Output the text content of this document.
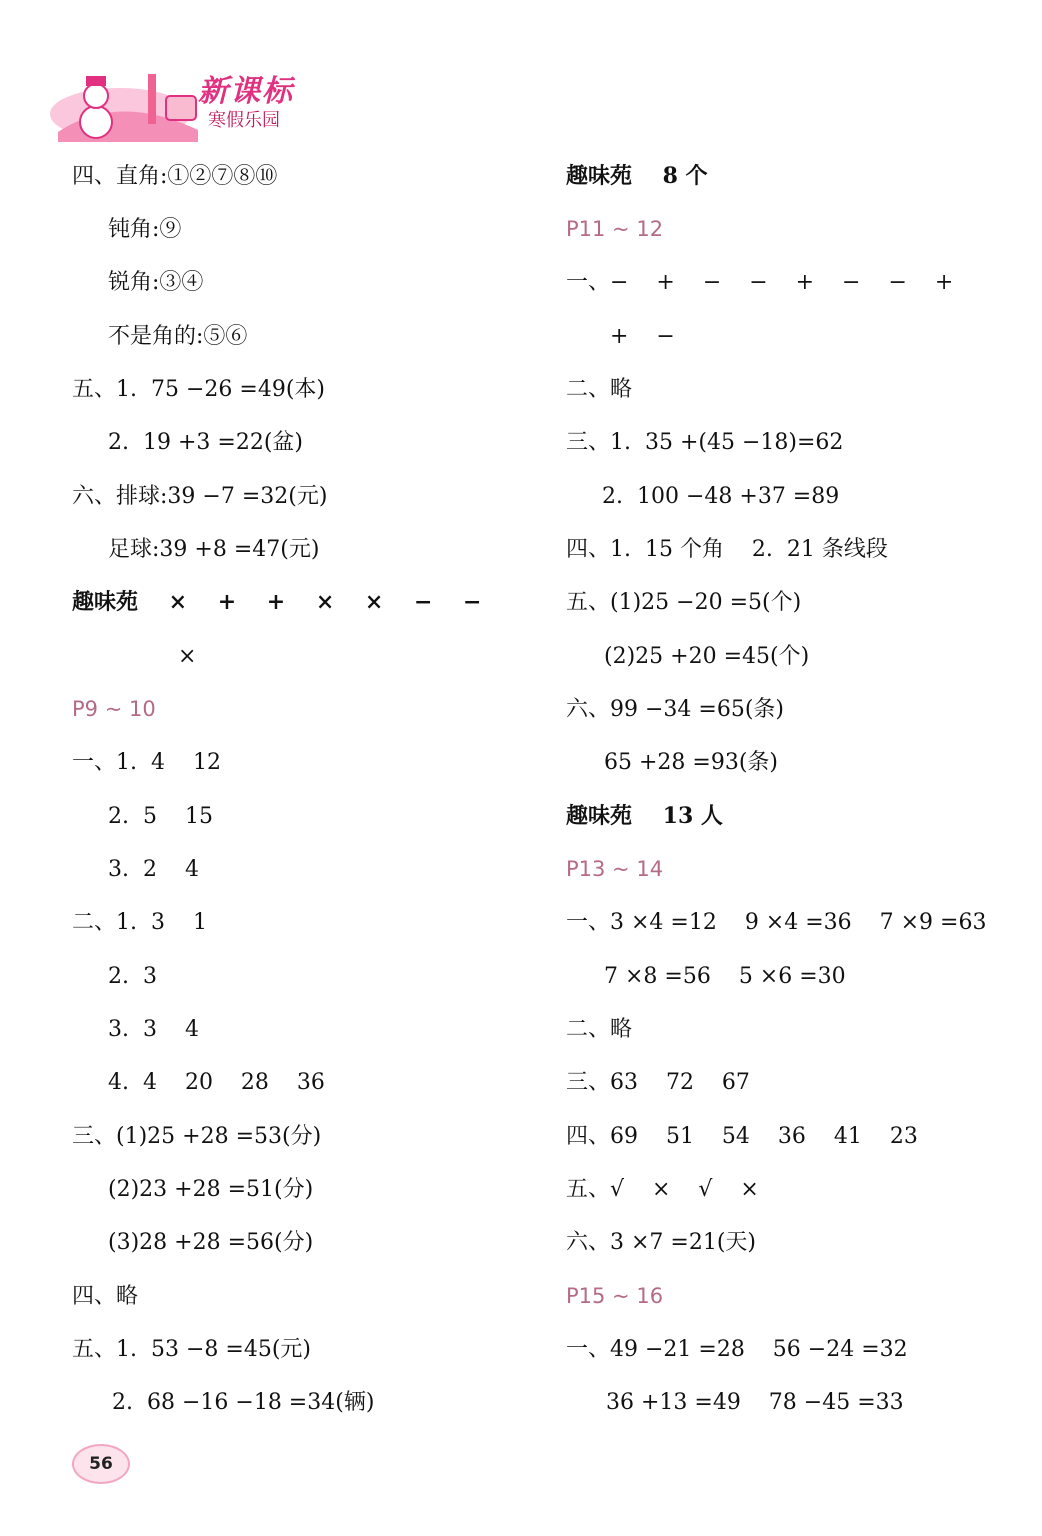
新课标
寒假乐园
四、直角:①②⑦⑧⑩
钝角:⑨
锐角:③④
不是角的:⑤⑥
五、1.  75 −26 =49(本)
2.  19 +3 =22(盆)
六、排球:39 −7 =32(元)
足球:39 +8 =47(元)
趣味苑    ×    +    +    ×    ×    −    −
×
P9 ~ 10
一、1.  4    12
2.  5    15
3.  2    4
二、1.  3    1
2.  3
3.  3    4
4.  4    20    28    36
三、(1)25 +28 =53(分)
(2)23 +28 =51(分)
(3)28 +28 =56(分)
四、略
五、1.  53 −8 =45(元)
2.  68 −16 −18 =34(辆)
趣味苑    8 个
P11 ~ 12
一、−    +    −    −    +    −    −    +
+    −
二、略
三、1.  35 +(45 −18)=62
2.  100 −48 +37 =89
四、1.  15 个角    2.  21 条线段
五、(1)25 −20 =5(个)
(2)25 +20 =45(个)
六、99 −34 =65(条)
65 +28 =93(条)
趣味苑    13 人
P13 ~ 14
一、3 ×4 =12    9 ×4 =36    7 ×9 =63
7 ×8 =56    5 ×6 =30
二、略
三、63    72    67
四、69    51    54    36    41    23
五、√    ×    √    ×
六、3 ×7 =21(天)
P15 ~ 16
一、49 −21 =28    56 −24 =32
36 +13 =49    78 −45 =33
56
